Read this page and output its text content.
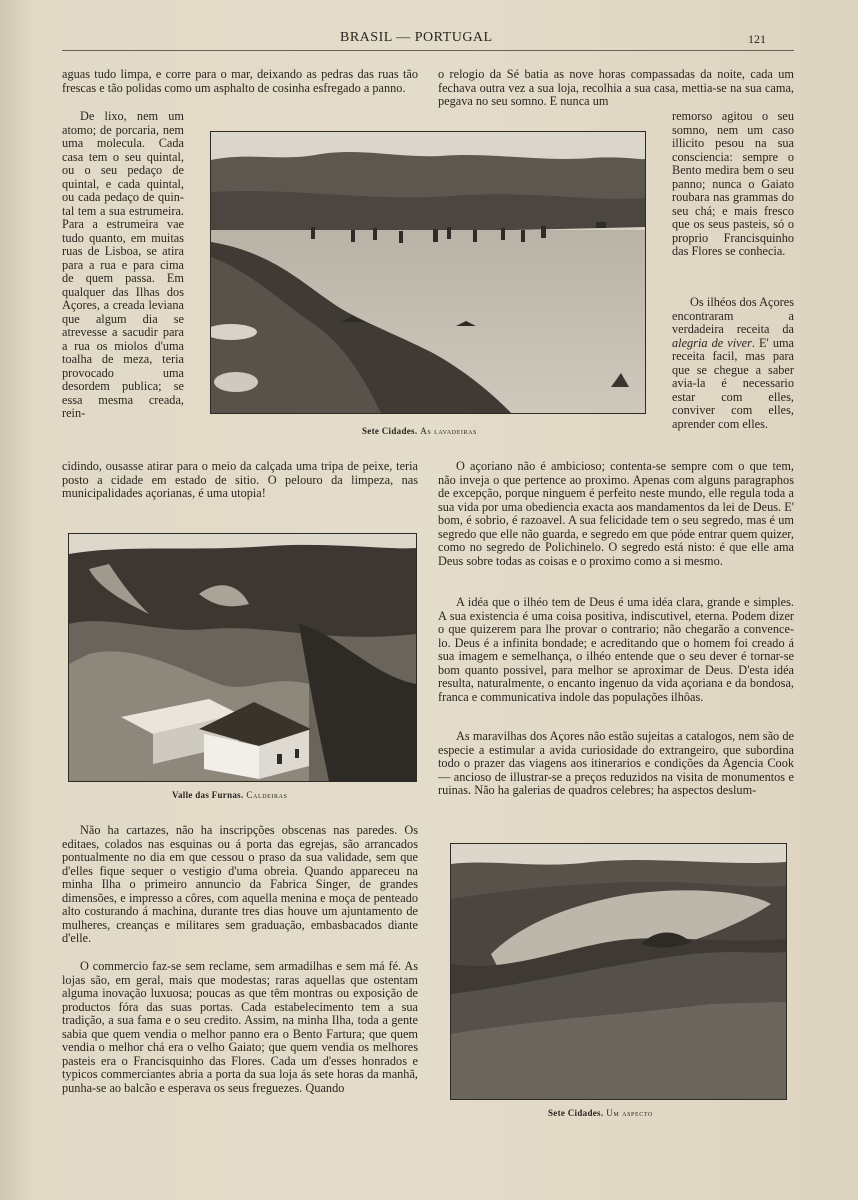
BRASIL — PORTUGAL	121

aguas tudo limpa, e corre para o mar, deixando as pedras das ruas tão frescas e tão polidas como um asphalto de cosinha esfregado a panno.

De lixo, nem um atomo; de porcaria, nem uma molecula. Cada casa tem o seu quintal, ou o seu pedaço de quintal, e cada quintal, ou cada pedaço de quintal tem a sua estrumeira. Para a estrumeira vae tudo quanto, em muitas ruas de Lisboa, se atira para a rua e para cima de quem passa. Em qualquer das Ilhas dos Açores, a creada leviana que algum dia se atrevesse a sacudir para a rua os miolos d'uma toalha de meza, teria provocado uma desordem publica; se essa mesma creada, rein-

cidindo, ousasse atirar para o meio da calçada uma tripa de peixe, teria posto a cidade em estado de sitio. O pelouro da limpeza, nas municipalidades açorianas, é uma utopia!

Sete Cidades. As lavadeiras
Valle das Furnas. Caldeiras

Não ha cartazes, não ha inscripções obscenas nas paredes. Os editaes, colados nas esquinas ou á porta das egrejas, são arrancados pontualmente no dia em que cessou o praso da sua validade, sem que d'elles fique sequer o vestigio d'uma obreia. Quando appareceu na minha Ilha o primeiro annuncio da Fabrica Singer, de grandes dimensões, e impresso a côres, com aquella menina e moça de penteado alto costurando á machina, durante tres dias houve um ajuntamento de mulheres, creanças e militares sem graduação, embasbacados diante d'elle.

O commercio faz-se sem reclame, sem armadilhas e sem má fé. As lojas são, em geral, mais que modestas; raras aquellas que ostentam alguma inovação luxuosa; poucas as que têm montras ou exposição de productos fóra das suas portas. Cada estabelecimento tem a sua tradição, a sua fama e o seu credito. Assim, na minha Ilha, toda a gente sabia que quem vendia o melhor panno era o Bento Fartura; que quem vendia o melhor chá era o velho Gaiato; que quem vendia os melhores pasteis era o Francisquinho das Flores. Cada um d'esses honrados e typicos commerciantes abria a porta da sua loja ás sete horas da manhã, punha-se ao balcão e esperava os seus freguezes. Quando

o relogio da Sé batia as nove horas compassadas da noite, cada um fechava outra vez a sua loja, recolhia a sua casa, mettia-se na sua cama, pegava no seu somno. E nunca um

remorso agitou o seu somno, nem um caso illicito pesou na sua consciencia: sempre o Bento medira bem o seu panno; nunca o Gaiato roubara nas grammas do seu chá; e mais fresco que os seus pasteis, só o proprio Francisquinho das Flores se conhecia.

Os ilhéos dos Açores encontraram a verdadeira receita da alegria de viver. E' uma receita facil, mas para que se chegue a saber avia-la é necessario estar com elles, conviver com elles, aprender com elles.

O açoriano não é ambicioso; contenta-se sempre com o que tem, não inveja o que pertence ao proximo. Apenas com alguns paragraphos de excepção, porque ninguem é perfeito neste mundo, elle regula toda a sua vida por uma obediencia exacta aos mandamentos da lei de Deus. E' bom, é sobrio, é razoavel. A sua felicidade tem o seu segredo, mas é um segredo que elle não guarda, e segredo em que póde entrar quem quizer, como no segredo de Polichinelo. O segredo está nisto: é que elle ama Deus sobre todas as coisas e o proximo como a si mesmo.

A idéa que o ilhéo tem de Deus é uma idéa clara, grande e simples. A sua existencia é uma coisa positiva, indiscutivel, eterna. Podem dizer o que quizerem para lhe provar o contrario; não chegarão a convence-lo. Deus é a infinita bondade; e acreditando que o homem foi creado á sua imagem e semelhança, o ilhéo entende que o seu dever é tornar-se bom quanto possivel, para melhor se aproximar de Deus. D'esta idéa resulta, naturalmente, o encanto ingenuo da vida açoriana e da bondosa, franca e communicativa indole das populações ilhôas.

As maravilhas dos Açores não estão sujeitas a catalogos, nem são de especie a estimular a avida curiosidade do extrangeiro, que subordina todo o prazer das viagens aos itinerarios e condições da Agencia Cook — ancioso de illustrar-se a preços reduzidos na visita de monumentos e ruinas. Não ha galerias de quadros celebres; ha aspectos deslum-

Sete Cidades. Um aspecto
